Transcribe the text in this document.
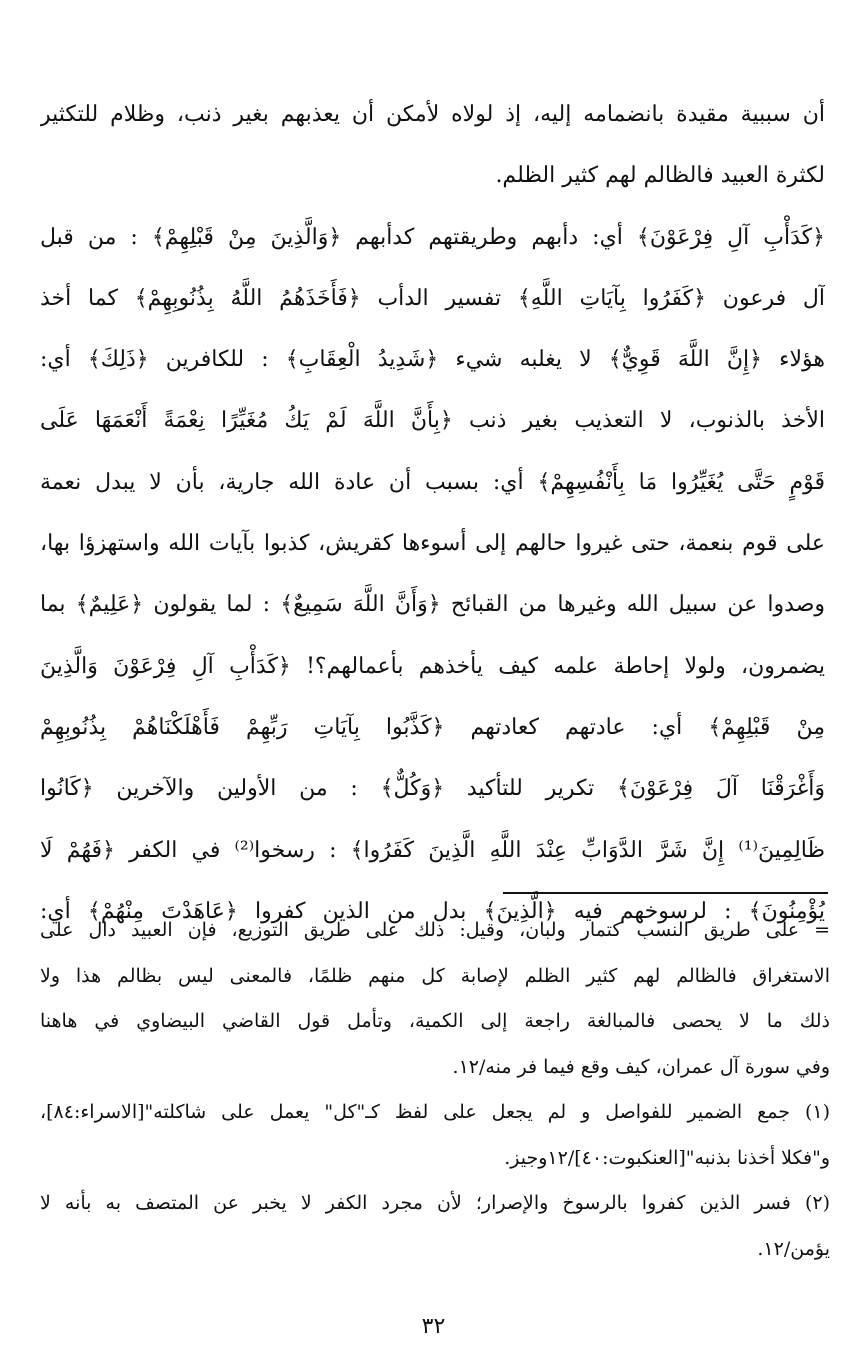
أن سببية مقيدة بانضمامه إليه، إذ لولاه لأمكن أن يعذبهم بغير ذنب، وظلام للتكثير
لكثرة العبيد فالظالم لهم كثير الظلم.
﴿كَدَأْبِ آلِ فِرْعَوْنَ﴾ أي: دأبهم وطريقتهم كدأبهم ﴿وَالَّذِينَ مِنْ قَبْلِهِمْ﴾ : من قبل
آل فرعون ﴿كَفَرُوا بِآيَاتِ اللَّهِ﴾ تفسير الدأب ﴿فَأَخَذَهُمُ اللَّهُ بِذُنُوبِهِمْ﴾ كما أخذ
هؤلاء ﴿إِنَّ اللَّهَ قَوِيٌّ﴾ لا يغلبه شيء ﴿شَدِيدُ الْعِقَابِ﴾ : للكافرين ﴿ذَلِكَ﴾ أي:
الأخذ بالذنوب، لا التعذيب بغير ذنب ﴿بِأَنَّ اللَّهَ لَمْ يَكُ مُغَيِّرًا نِعْمَةً أَنْعَمَهَا عَلَى
قَوْمٍ حَتَّى يُغَيِّرُوا مَا بِأَنْفُسِهِمْ﴾ أي: بسبب أن عادة الله جارية، بأن لا يبدل نعمة
على قوم بنعمة، حتى غيروا حالهم إلى أسوءها كقريش، كذبوا بآيات الله واستهزؤا بها،
وصدوا عن سبيل الله وغيرها من القبائح ﴿وَأَنَّ اللَّهَ سَمِيعٌ﴾ : لما يقولون ﴿عَلِيمٌ﴾ بما
يضمرون، ولولا إحاطة علمه كيف يأخذهم بأعمالهم؟! ﴿كَدَأْبِ آلِ فِرْعَوْنَ وَالَّذِينَ
مِنْ قَبْلِهِمْ﴾ أي: عادتهم كعادتهم ﴿كَذَّبُوا بِآيَاتِ رَبِّهِمْ فَأَهْلَكْنَاهُمْ بِذُنُوبِهِمْ
وَأَغْرَقْنَا آلَ فِرْعَوْنَ﴾ تكرير للتأكيد ﴿وَكُلٌّ﴾ : من الأولين والآخرين ﴿كَانُوا
ظَالِمِينَ⁽¹⁾ إِنَّ شَرَّ الدَّوَابِّ عِنْدَ اللَّهِ الَّذِينَ كَفَرُوا﴾ : رسخوا⁽²⁾ في الكفر ﴿فَهُمْ لَا
يُؤْمِنُونَ﴾ : لرسوخهم فيه ﴿الَّذِينَ﴾ بدل من الذين كفروا ﴿عَاهَدْتَ مِنْهُمْ﴾ أي:
= على طريق النسب كتمار ولبان، وقيل: ذلك على طريق التوزيع، فإن العبيد دال على
الاستغراق فالظالم لهم كثير الظلم لإصابة كل منهم ظلمًا، فالمعنى ليس بظالم هذا ولا
ذلك ما لا يحصى فالمبالغة راجعة إلى الكمية، وتأمل قول القاضي البيضاوي في هاهنا
وفي سورة آل عمران، كيف وقع فيما فر منه/١٢.
(١) جمع الضمير للفواصل و لم يجعل على لفظ كـ"كل" يعمل على شاكلته"[الاسراء:٨٤]،
و"فكلا أخذنا بذنبه"[العنكبوت:٤٠]/١٢وجيز.
(٢) فسر الذين كفروا بالرسوخ والإصرار؛ لأن مجرد الكفر لا يخبر عن المتصف به بأنه لا
يؤمن/١٢.
٣٢
